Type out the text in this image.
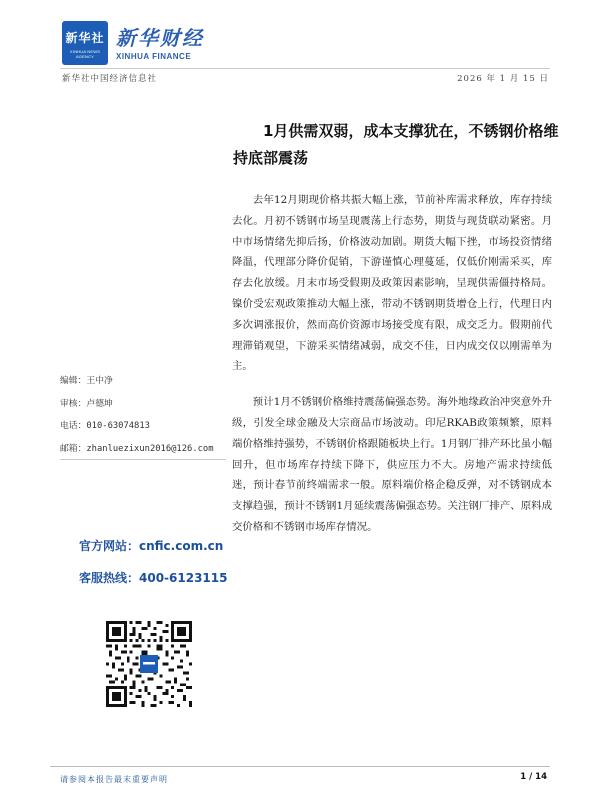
新华社
XINHUA NEWS AGENCY
新华财经
XINHUA FINANCE
新华社中国经济信息社	2026 年 1 月 15 日
1月供需双弱，成本支撑犹在，不锈钢价格维持底部震荡

去年12月期现价格共振大幅上涨，节前补库需求释放，库存持续去化。月初不锈钢市场呈现震荡上行态势，期货与现货联动紧密。月中市场情绪先抑后扬，价格波动加剧。期货大幅下挫，市场投资情绪降温，代理部分降价促销，下游谨慎心理蔓延，仅低价刚需采买，库存去化放缓。月末市场受假期及政策因素影响，呈现供需僵持格局。镍价受宏观政策推动大幅上涨，带动不锈钢期货增仓上行，代理日内多次调涨报价，然而高价资源市场接受度有限，成交乏力。假期前代理滞销观望，下游采买情绪减弱，成交不佳，日内成交仅以刚需单为主。

预计1月不锈钢价格维持震荡偏强态势。海外地缘政治冲突意外升级，引发全球金融及大宗商品市场波动。印尼RKAB政策频繁，原料端价格维持强势，不锈钢价格跟随板块上行。1月钢厂排产环比虽小幅回升，但市场库存持续下降下，供应压力不大。房地产需求持续低迷，预计春节前终端需求一般。原料端价格企稳反弹，对不锈钢成本支撑趋强，预计不锈钢1月延续震荡偏强态势。关注钢厂排产、原料成交价格和不锈钢市场库存情况。

编辑：王中净
审核：卢德坤
电话：010-63074813
邮箱：zhanluezixun2016@126.com
官方网站：cnfic.com.cn
客服热线：400-6123115
请参阅本报告最末重要声明	1 / 14
